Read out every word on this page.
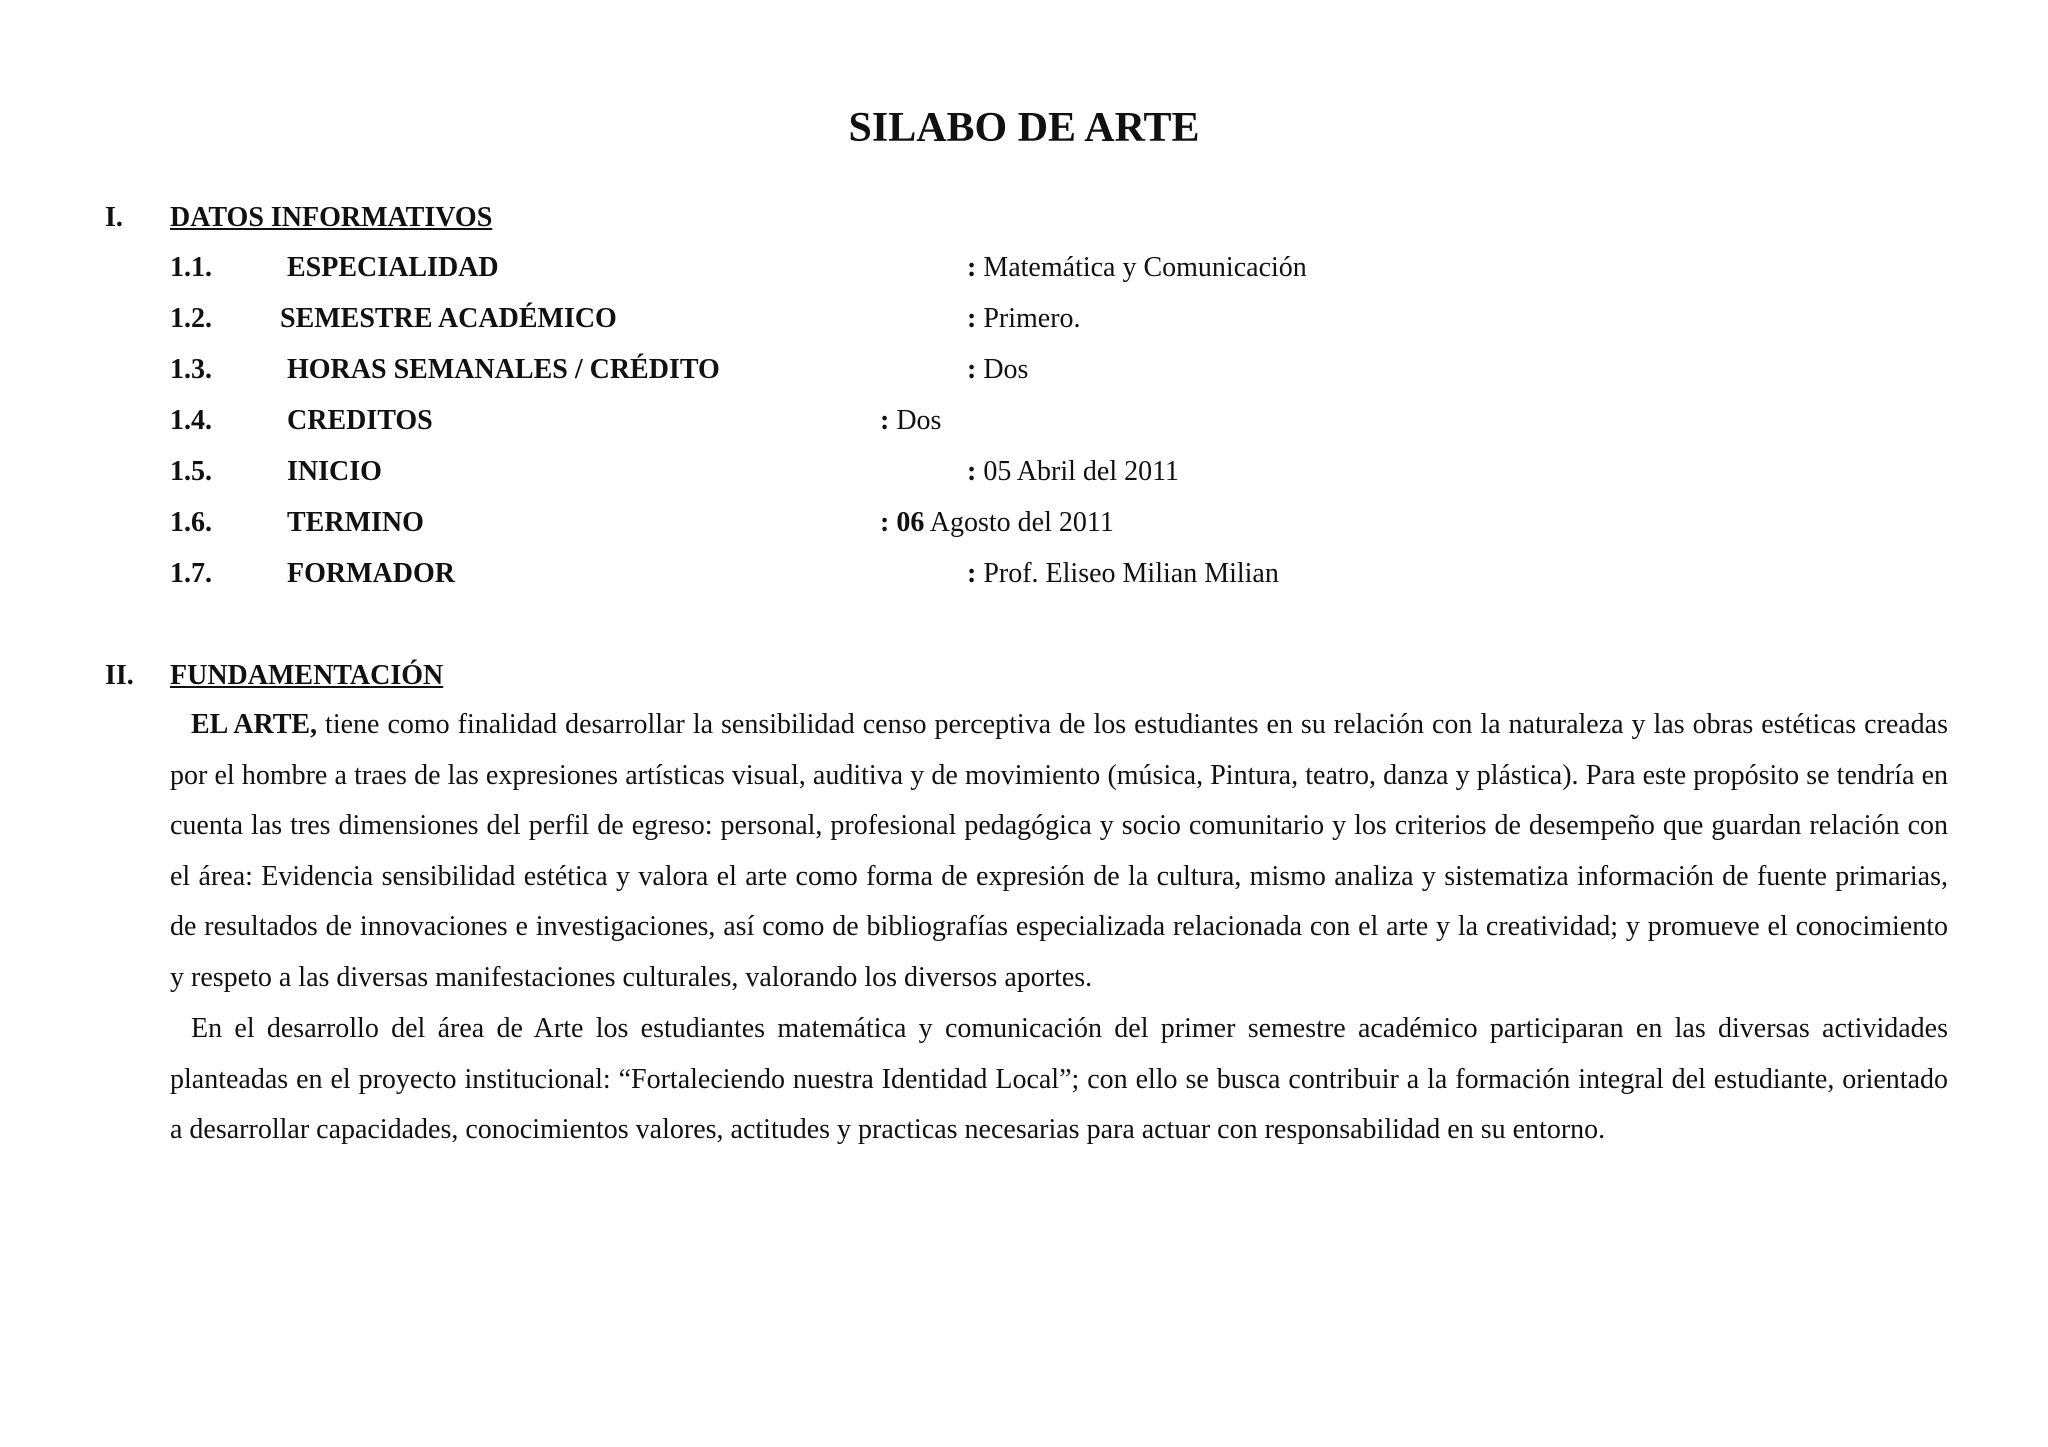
SILABO DE ARTE
I. DATOS INFORMATIVOS
1.1.	ESPECIALIDAD	: Matemática y Comunicación
1.2. SEMESTRE ACADÉMICO	: Primero.
1.3.	HORAS SEMANALES / CRÉDITO	: Dos
1.4.	CREDITOS	: Dos
1.5.	INICIO	: 05 Abril del 2011
1.6.	TERMINO	: 06 Agosto del 2011
1.7.	FORMADOR	: Prof. Eliseo Milian Milian
II. FUNDAMENTACIÓN

EL ARTE, tiene como finalidad desarrollar la sensibilidad censo perceptiva de los estudiantes en su relación con la naturaleza y las obras estéticas creadas por el hombre a traes de las expresiones artísticas visual, auditiva y de movimiento (música, Pintura, teatro, danza y plástica). Para este propósito se tendría en cuenta las tres dimensiones del perfil de egreso: personal, profesional pedagógica y socio comunitario y los criterios de desempeño que guardan relación con el área: Evidencia sensibilidad estética y valora el arte como forma de expresión de la cultura, mismo analiza y sistematiza información de fuente primarias, de resultados de innovaciones e investigaciones, así como de bibliografías especializada relacionada con el arte y la creatividad; y promueve el conocimiento y respeto a las diversas manifestaciones culturales, valorando los diversos aportes.

En el desarrollo del área de Arte los estudiantes matemática y comunicación del primer semestre académico participaran en las diversas actividades planteadas en el proyecto institucional: “Fortaleciendo nuestra Identidad Local”; con ello se busca contribuir a la formación integral del estudiante, orientado a desarrollar capacidades, conocimientos valores, actitudes y practicas necesarias para actuar con responsabilidad en su entorno.
